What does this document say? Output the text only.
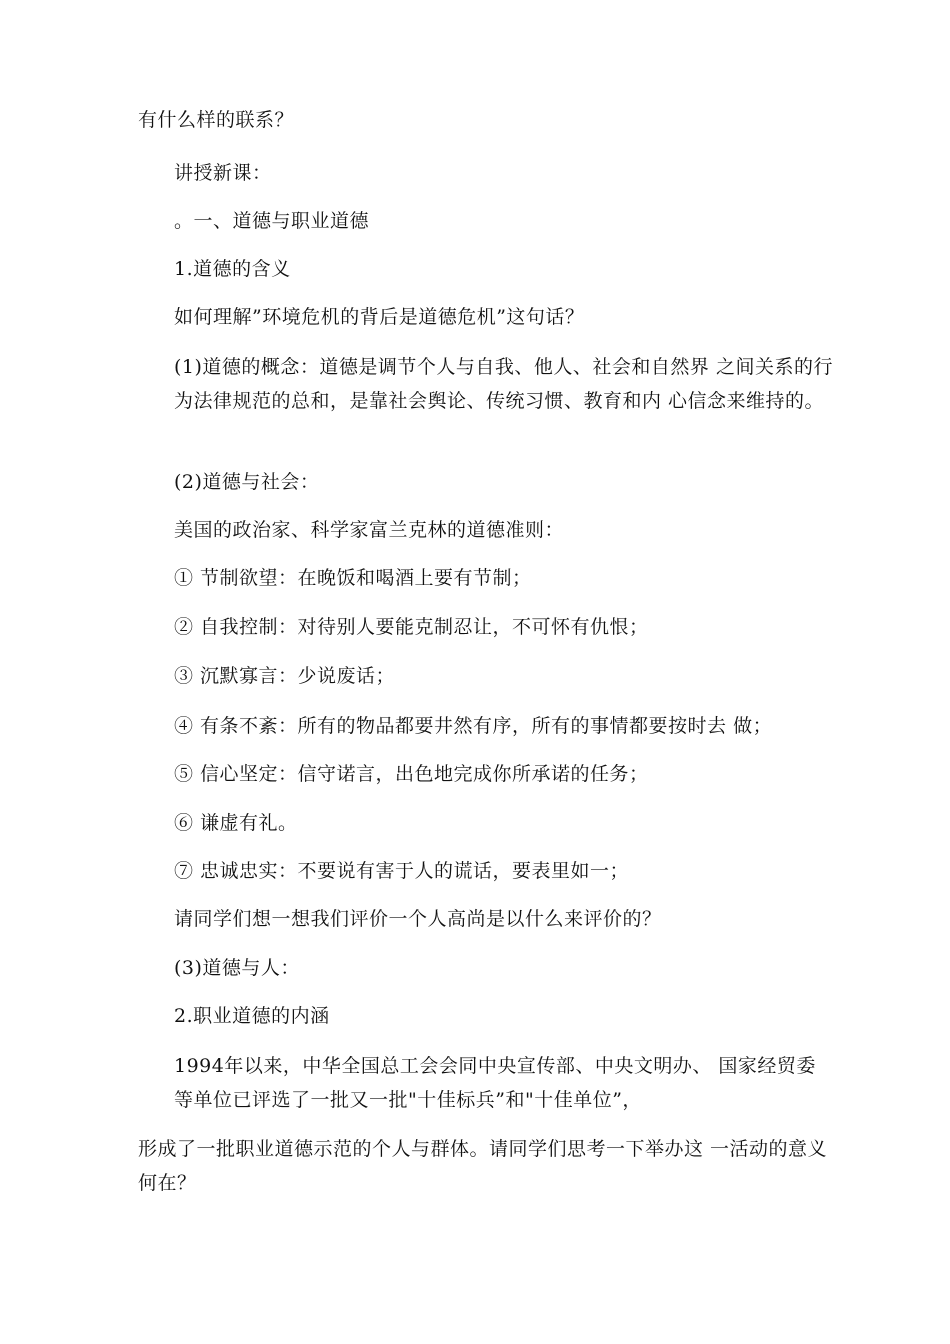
有什么样的联系？
讲授新课：
。一、道德与职业道德
1.道德的含义
如何理解”环境危机的背后是道德危机”这句话？
(1)道德的概念：道德是调节个人与自我、他人、社会和自然界 之间关系的行为法律规范的总和，是靠社会舆论、传统习惯、教育和内 心信念来维持的。
(2)道德与社会：
美国的政治家、科学家富兰克林的道德准则：
① 节制欲望：在晚饭和喝酒上要有节制；
② 自我控制：对待别人要能克制忍让，不可怀有仇恨；
③ 沉默寡言：少说废话；
④ 有条不紊：所有的物品都要井然有序，所有的事情都要按时去 做；
⑤ 信心坚定：信守诺言，出色地完成你所承诺的任务；
⑥ 谦虚有礼。
⑦ 忠诚忠实：不要说有害于人的谎话，要表里如一；
请同学们想一想我们评价一个人高尚是以什么来评价的？
(3)道德与人：
2.职业道德的内涵
1994年以来，中华全国总工会会同中央宣传部、中央文明办、 国家经贸委等单位已评选了一批又一批"十佳标兵”和"十佳单位”，
形成了一批职业道德示范的个人与群体。请同学们思考一下举办这 一活动的意义何在？
